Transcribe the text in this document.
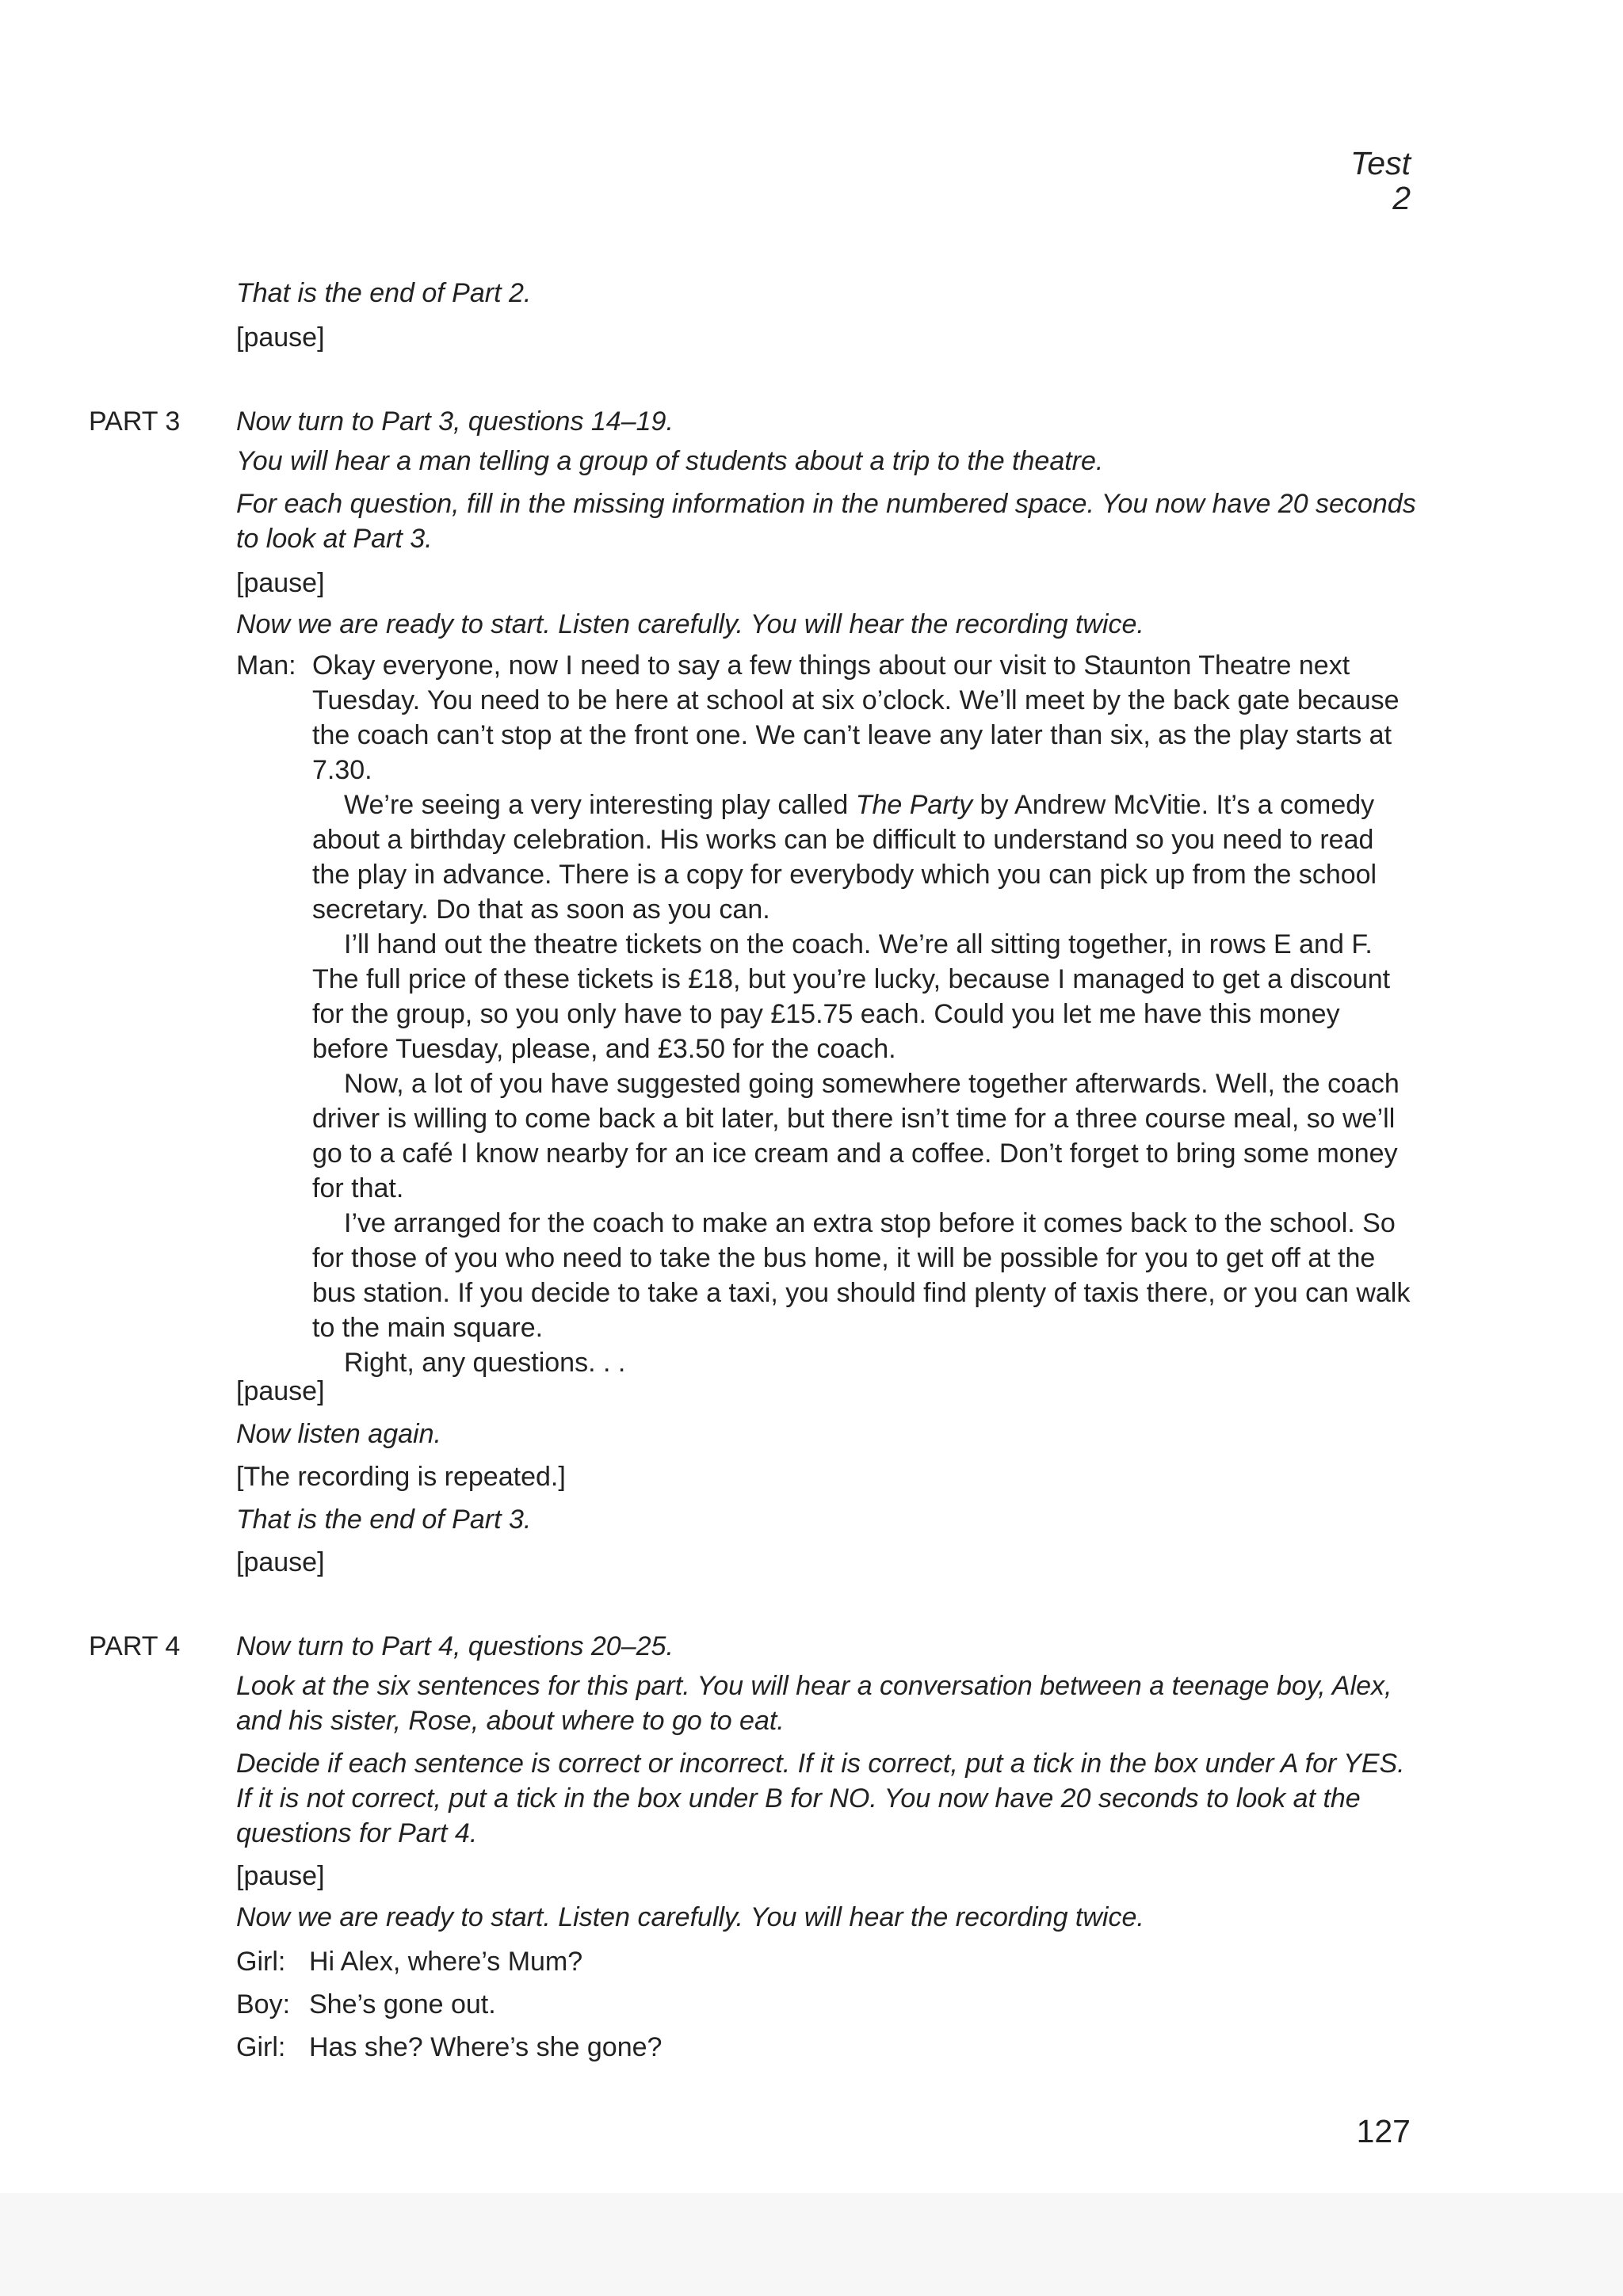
Test 2

That is the end of Part 2.

[pause]

PART 3 Now turn to Part 3, questions 14–19.

You will hear a man telling a group of students about a trip to the theatre.

For each question, fill in the missing information in the numbered space. You now have 20 seconds to look at Part 3.

[pause]

Now we are ready to start. Listen carefully. You will hear the recording twice.

Man: Okay everyone, now I need to say a few things about our visit to Staunton Theatre next Tuesday. You need to be here at school at six o’clock. We’ll meet by the back gate because the coach can’t stop at the front one. We can’t leave any later than six, as the play starts at 7.30.

We’re seeing a very interesting play called The Party by Andrew McVitie. It’s a comedy about a birthday celebration. His works can be difficult to understand so you need to read the play in advance. There is a copy for everybody which you can pick up from the school secretary. Do that as soon as you can.

I’ll hand out the theatre tickets on the coach. We’re all sitting together, in rows E and F. The full price of these tickets is £18, but you’re lucky, because I managed to get a discount for the group, so you only have to pay £15.75 each. Could you let me have this money before Tuesday, please, and £3.50 for the coach.

Now, a lot of you have suggested going somewhere together afterwards. Well, the coach driver is willing to come back a bit later, but there isn’t time for a three course meal, so we’ll go to a café I know nearby for an ice cream and a coffee. Don’t forget to bring some money for that.

I’ve arranged for the coach to make an extra stop before it comes back to the school. So for those of you who need to take the bus home, it will be possible for you to get off at the bus station. If you decide to take a taxi, you should find plenty of taxis there, or you can walk to the main square.

Right, any questions. . .

[pause]

Now listen again.

[The recording is repeated.]

That is the end of Part 3.

[pause]

PART 4 Now turn to Part 4, questions 20–25.

Look at the six sentences for this part. You will hear a conversation between a teenage boy, Alex, and his sister, Rose, about where to go to eat.

Decide if each sentence is correct or incorrect. If it is correct, put a tick in the box under A for YES. If it is not correct, put a tick in the box under B for NO. You now have 20 seconds to look at the questions for Part 4.

[pause]

Now we are ready to start. Listen carefully. You will hear the recording twice.

Girl: Hi Alex, where’s Mum?

Boy: She’s gone out.

Girl: Has she? Where’s she gone?

127
